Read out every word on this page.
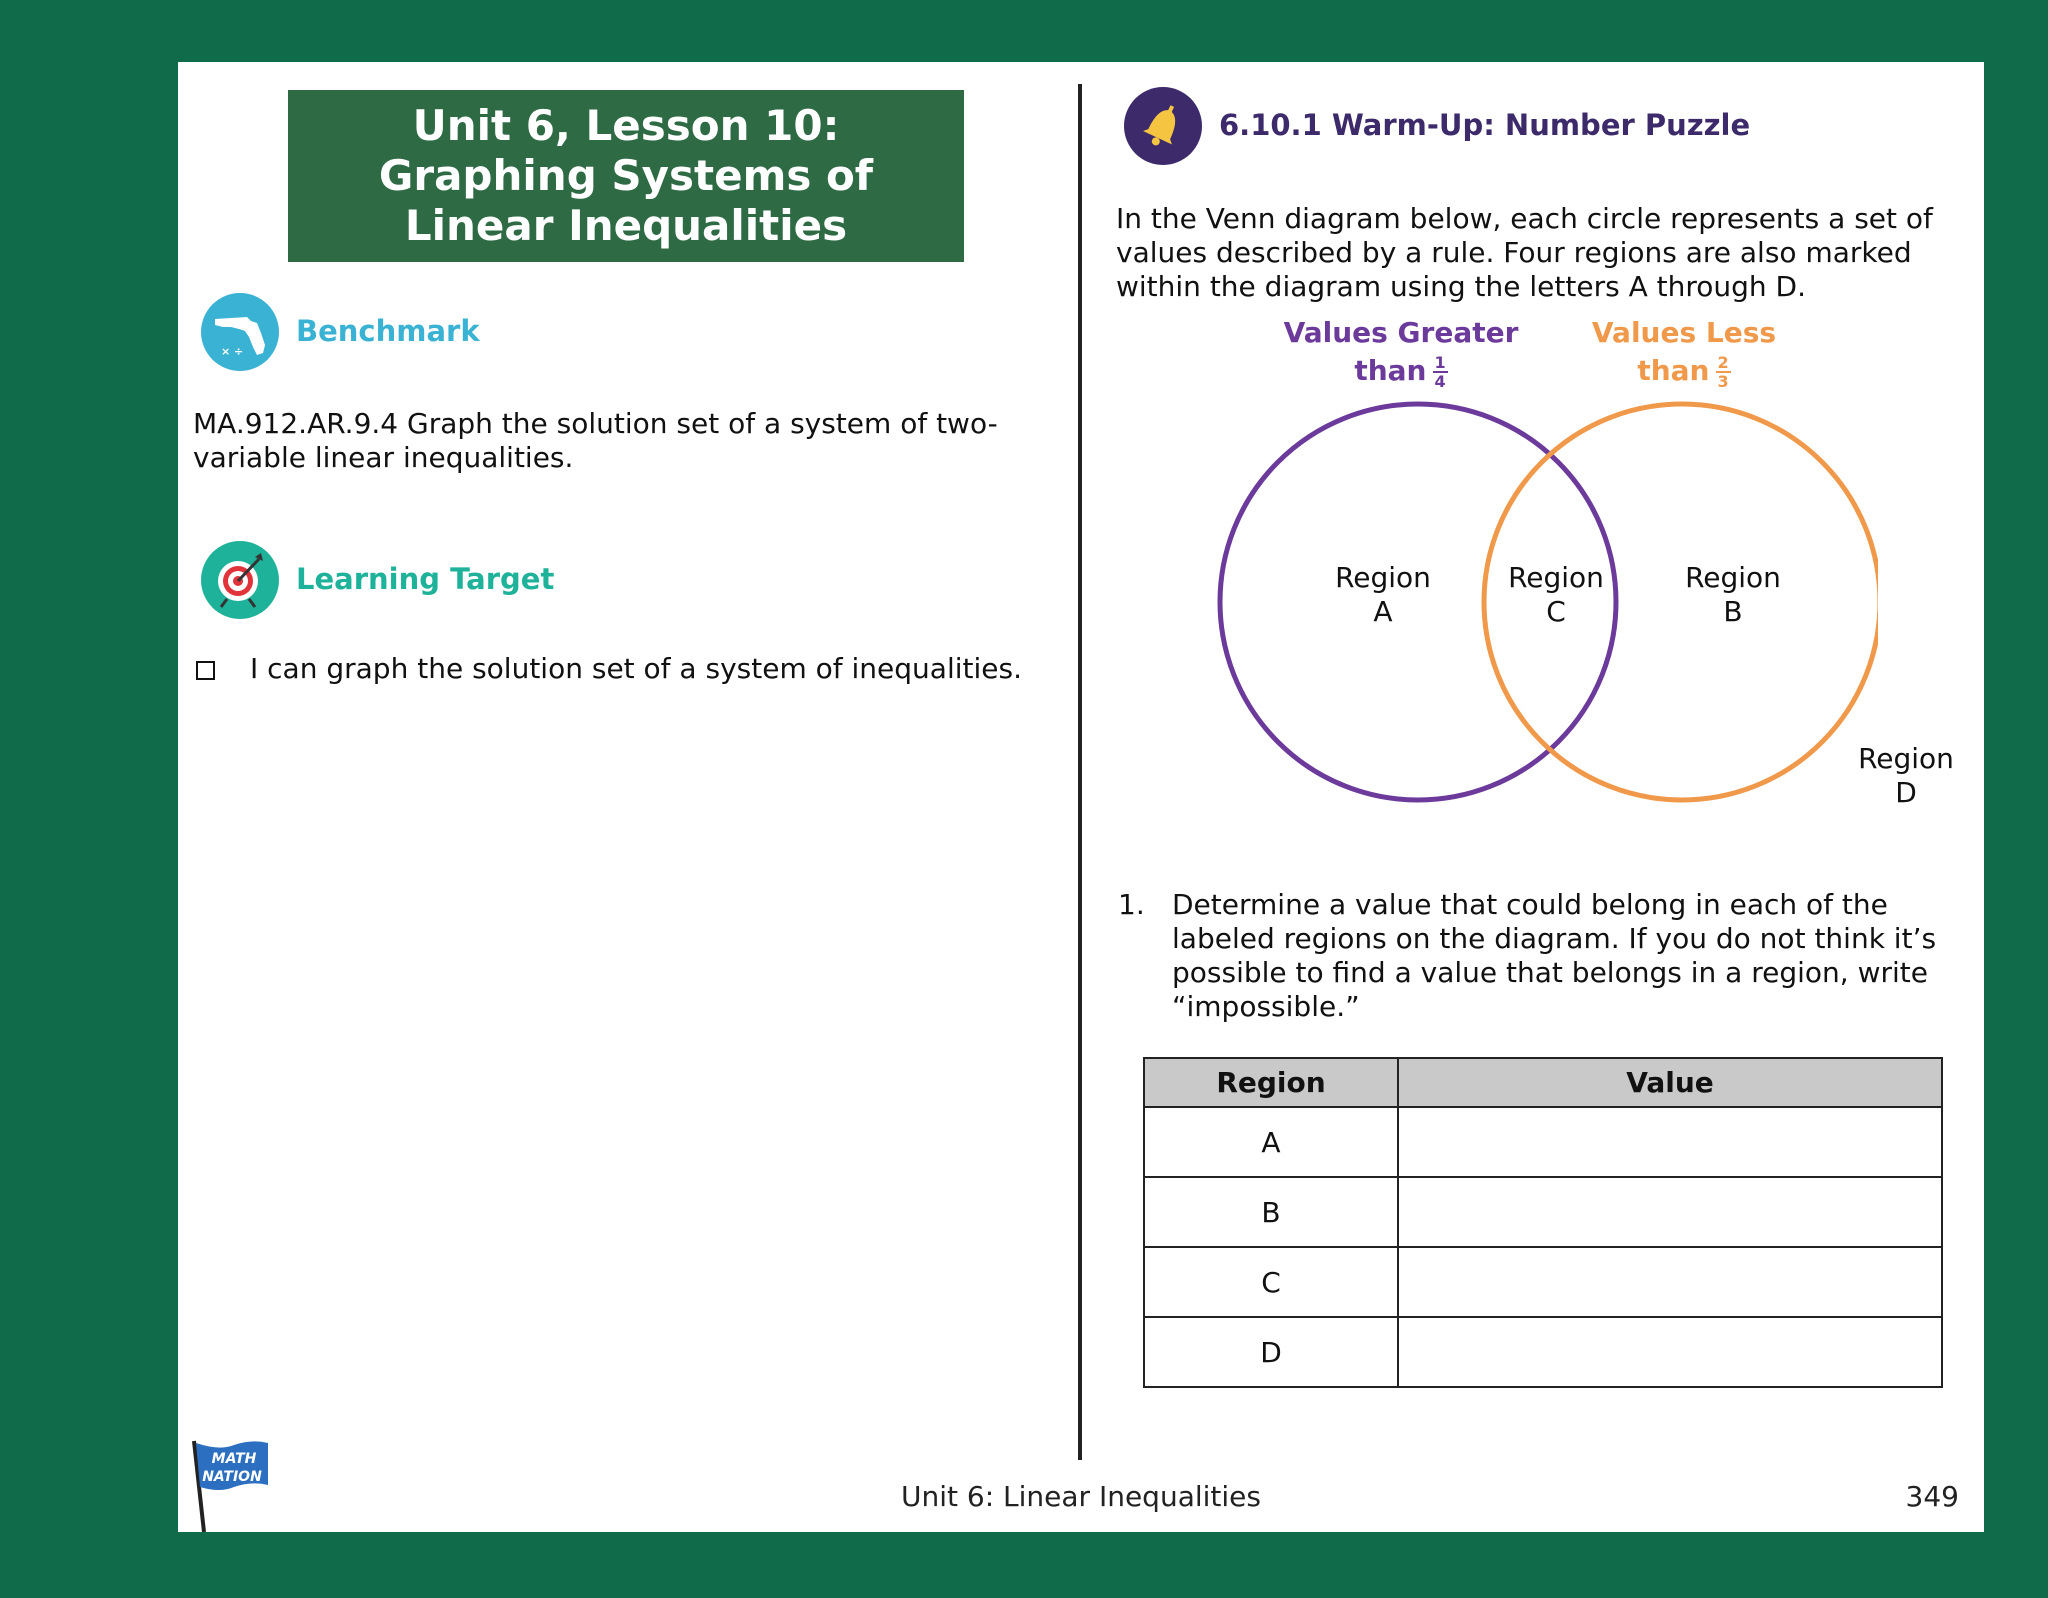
Unit 6, Lesson 10: Graphing Systems of Linear Inequalities
+ −
× ÷
Benchmark
MA.912.AR.9.4 Graph the solution set of a system of two-variable linear inequalities.
Learning Target
I can graph the solution set of a system of inequalities.
MATH
NATION
6.10.1 Warm-Up: Number Puzzle
In the Venn diagram below, each circle represents a set of values described by a rule. Four regions are also marked within the diagram using the letters A through D.
Values Greater
than $\frac{1}{4}$
Values Less
than $\frac{2}{3}$
Region
A
Region
C
Region
B
Region
D
1. Determine a value that could belong in each of the labeled regions on the diagram. If you do not think it’s possible to find a value that belongs in a region, write “impossible.”
Region	Value
A	
B	
C	
D	
Unit 6: Linear Inequalities	349
